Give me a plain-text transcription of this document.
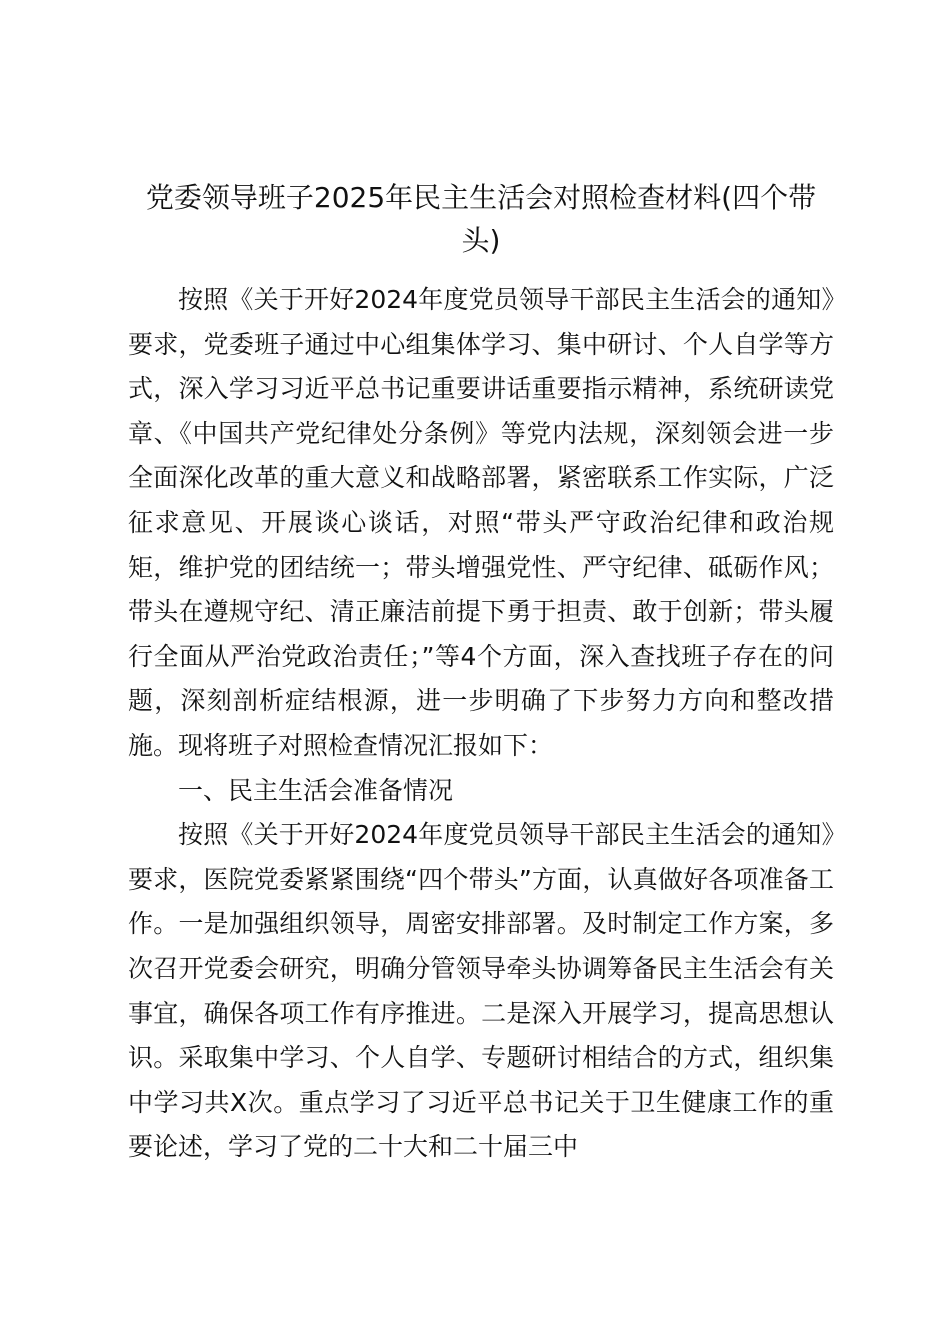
党委领导班子2025年民主生活会对照检查材料(四个带头)

按照《关于开好2024年度党员领导干部民主生活会的通知》要求，党委班子通过中心组集体学习、集中研讨、个人自学等方式，深入学习习近平总书记重要讲话重要指示精神，系统研读党章、《中国共产党纪律处分条例》等党内法规，深刻领会进一步全面深化改革的重大意义和战略部署，紧密联系工作实际，广泛征求意见、开展谈心谈话，对照“带头严守政治纪律和政治规矩，维护党的团结统一；带头增强党性、严守纪律、砥砺作风；带头在遵规守纪、清正廉洁前提下勇于担责、敢于创新；带头履行全面从严治党政治责任；”等4个方面，深入查找班子存在的问题，深刻剖析症结根源，进一步明确了下步努力方向和整改措施。现将班子对照检查情况汇报如下：

一、民主生活会准备情况

按照《关于开好2024年度党员领导干部民主生活会的通知》要求，医院党委紧紧围绕“四个带头”方面，认真做好各项准备工作。一是加强组织领导，周密安排部署。及时制定工作方案，多次召开党委会研究，明确分管领导牵头协调筹备民主生活会有关事宜，确保各项工作有序推进。二是深入开展学习，提高思想认识。采取集中学习、个人自学、专题研讨相结合的方式，组织集中学习共X次。重点学习了习近平总书记关于卫生健康工作的重要论述，学习了党的二十大和二十届三中
